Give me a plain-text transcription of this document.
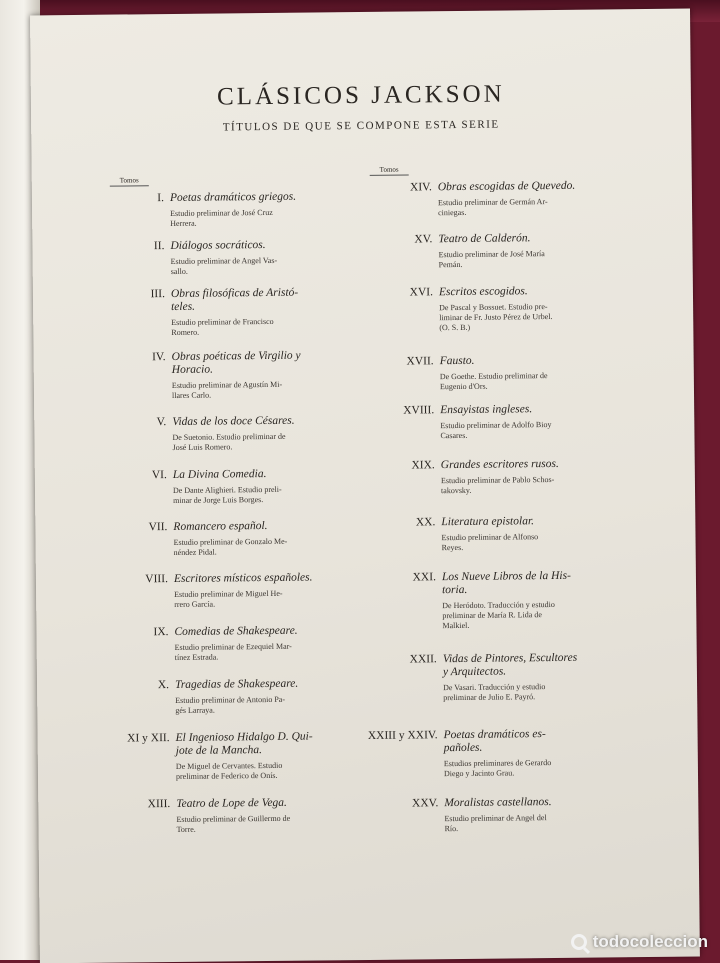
CLÁSICOS JACKSON
TÍTULOS DE QUE SE COMPONE ESTA SERIE
Tomos
Tomos
I. Poetas dramáticos griegos.
Estudio preliminar de José Cruz
Herrera.
II. Diálogos socráticos.
Estudio preliminar de Angel Vas-
sallo.
III. Obras filosóficas de Aristó-
teles.
Estudio preliminar de Francisco
Romero.
IV. Obras poéticas de Virgilio y
Horacio.
Estudio preliminar de Agustín Mi-
llares Carlo.
V. Vidas de los doce Césares.
De Suetonio. Estudio preliminar de
José Luis Romero.
VI. La Divina Comedia.
De Dante Alighieri. Estudio preli-
minar de Jorge Luis Borges.
VII. Romancero español.
Estudio preliminar de Gonzalo Me-
néndez Pidal.
VIII. Escritores místicos españoles.
Estudio preliminar de Miguel He-
rrero García.
IX. Comedias de Shakespeare.
Estudio preliminar de Ezequiel Mar-
tínez Estrada.
X. Tragedias de Shakespeare.
Estudio preliminar de Antonio Pa-
gés Larraya.
XI y XII. El Ingenioso Hidalgo D. Qui-
jote de la Mancha.
De Miguel de Cervantes. Estudio
preliminar de Federico de Onís.
XIII. Teatro de Lope de Vega.
Estudio preliminar de Guillermo de
Torre.
XIV. Obras escogidas de Quevedo.
Estudio preliminar de Germán Ar-
ciniegas.
XV. Teatro de Calderón.
Estudio preliminar de José María
Pemán.
XVI. Escritos escogidos.
De Pascal y Bossuet. Estudio pre-
liminar de Fr. Justo Pérez de Urbel.
(O. S. B.)
XVII. Fausto.
De Goethe. Estudio preliminar de
Eugenio d'Ors.
XVIII. Ensayistas ingleses.
Estudio preliminar de Adolfo Bioy
Casares.
XIX. Grandes escritores rusos.
Estudio preliminar de Pablo Schos-
takovsky.
XX. Literatura epistolar.
Estudio preliminar de Alfonso
Reyes.
XXI. Los Nueve Libros de la His-
toria.
De Heródoto. Traducción y estudio
preliminar de María R. Lida de
Malkiel.
XXII. Vidas de Pintores, Escultores
y Arquitectos.
De Vasari. Traducción y estudio
preliminar de Julio E. Payró.
XXIII y XXIV. Poetas dramáticos es-
pañoles.
Estudios preliminares de Gerardo
Diego y Jacinto Grau.
XXV. Moralistas castellanos.
Estudio preliminar de Angel del
Río.
todocoleccion
